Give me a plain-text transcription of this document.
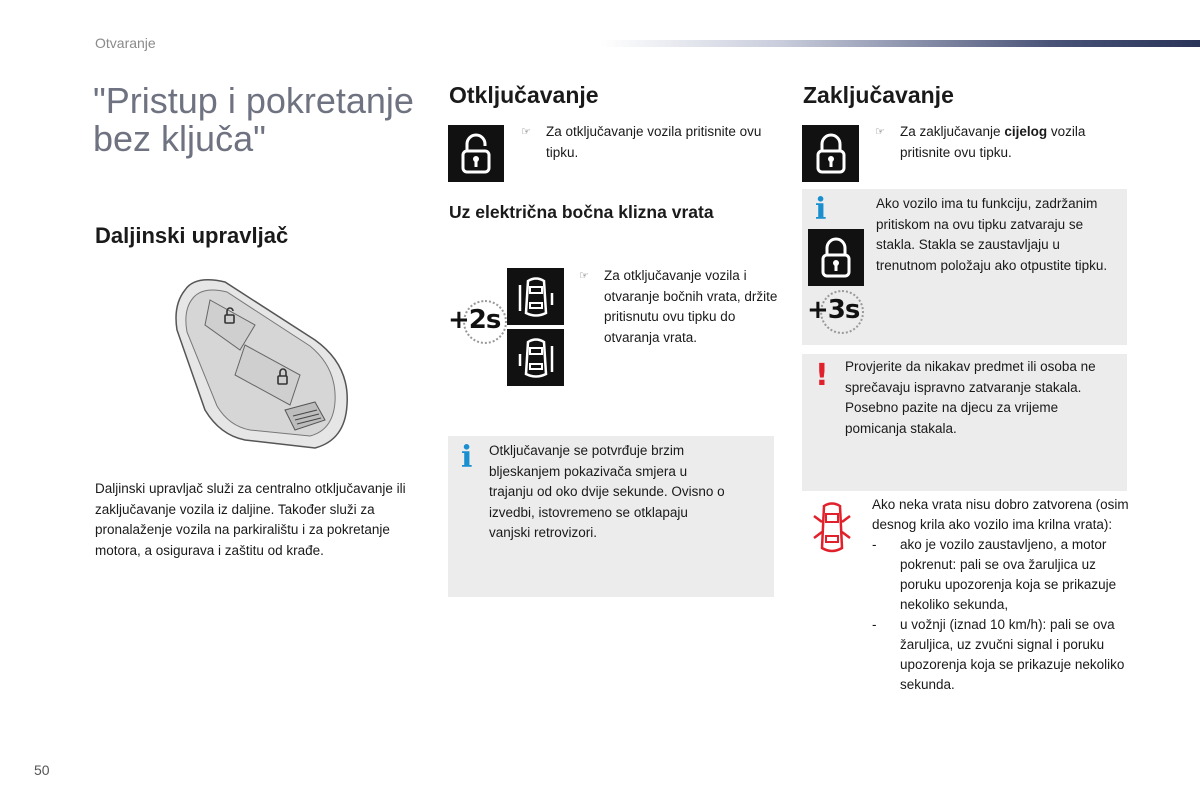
Otvaranje
"Pristup i pokretanje bez ključa"
Daljinski upravljač

Daljinski upravljač služi za centralno otključavanje ili zaključavanje vozila iz daljine. Također služi za pronalaženje vozila na parkiralištu i za pokretanje motora, a osigurava i zaštitu od krađe.

Otključavanje
☞ Za otključavanje vozila pritisnite ovu tipku.
Uz električna bočna klizna vrata
+2s
☞ Za otključavanje vozila i otvaranje bočnih vrata, držite pritisnutu ovu tipku do otvaranja vrata.
i Otključavanje se potvrđuje brzim bljeskanjem pokazivača smjera u trajanju od oko dvije sekunde. Ovisno o izvedbi, istovremeno se otklapaju vanjski retrovizori.

Zaključavanje
☞ Za zaključavanje cijelog vozila pritisnite ovu tipku.
i
+3s

Ako vozilo ima tu funkciju, zadržanim pritiskom na ovu tipku zatvaraju se stakla. Stakla se zaustavljaju u trenutnom položaju ako otpustite tipku.

! Provjerite da nikakav predmet ili osoba ne sprečavaju ispravno zatvaranje stakala.
Posebno pazite na djecu za vrijeme pomicanja stakala.
Ako neka vrata nisu dobro zatvorena (osim desnog krila ako vozilo ima krilna vrata):
- ako je vozilo zaustavljeno, a motor pokrenut: pali se ova žaruljica uz poruku upozorenja koja se prikazuje nekoliko sekunda,
- u vožnji (iznad 10 km/h): pali se ova žaruljica, uz zvučni signal i poruku upozorenja koja se prikazuje nekoliko sekunda.
50
